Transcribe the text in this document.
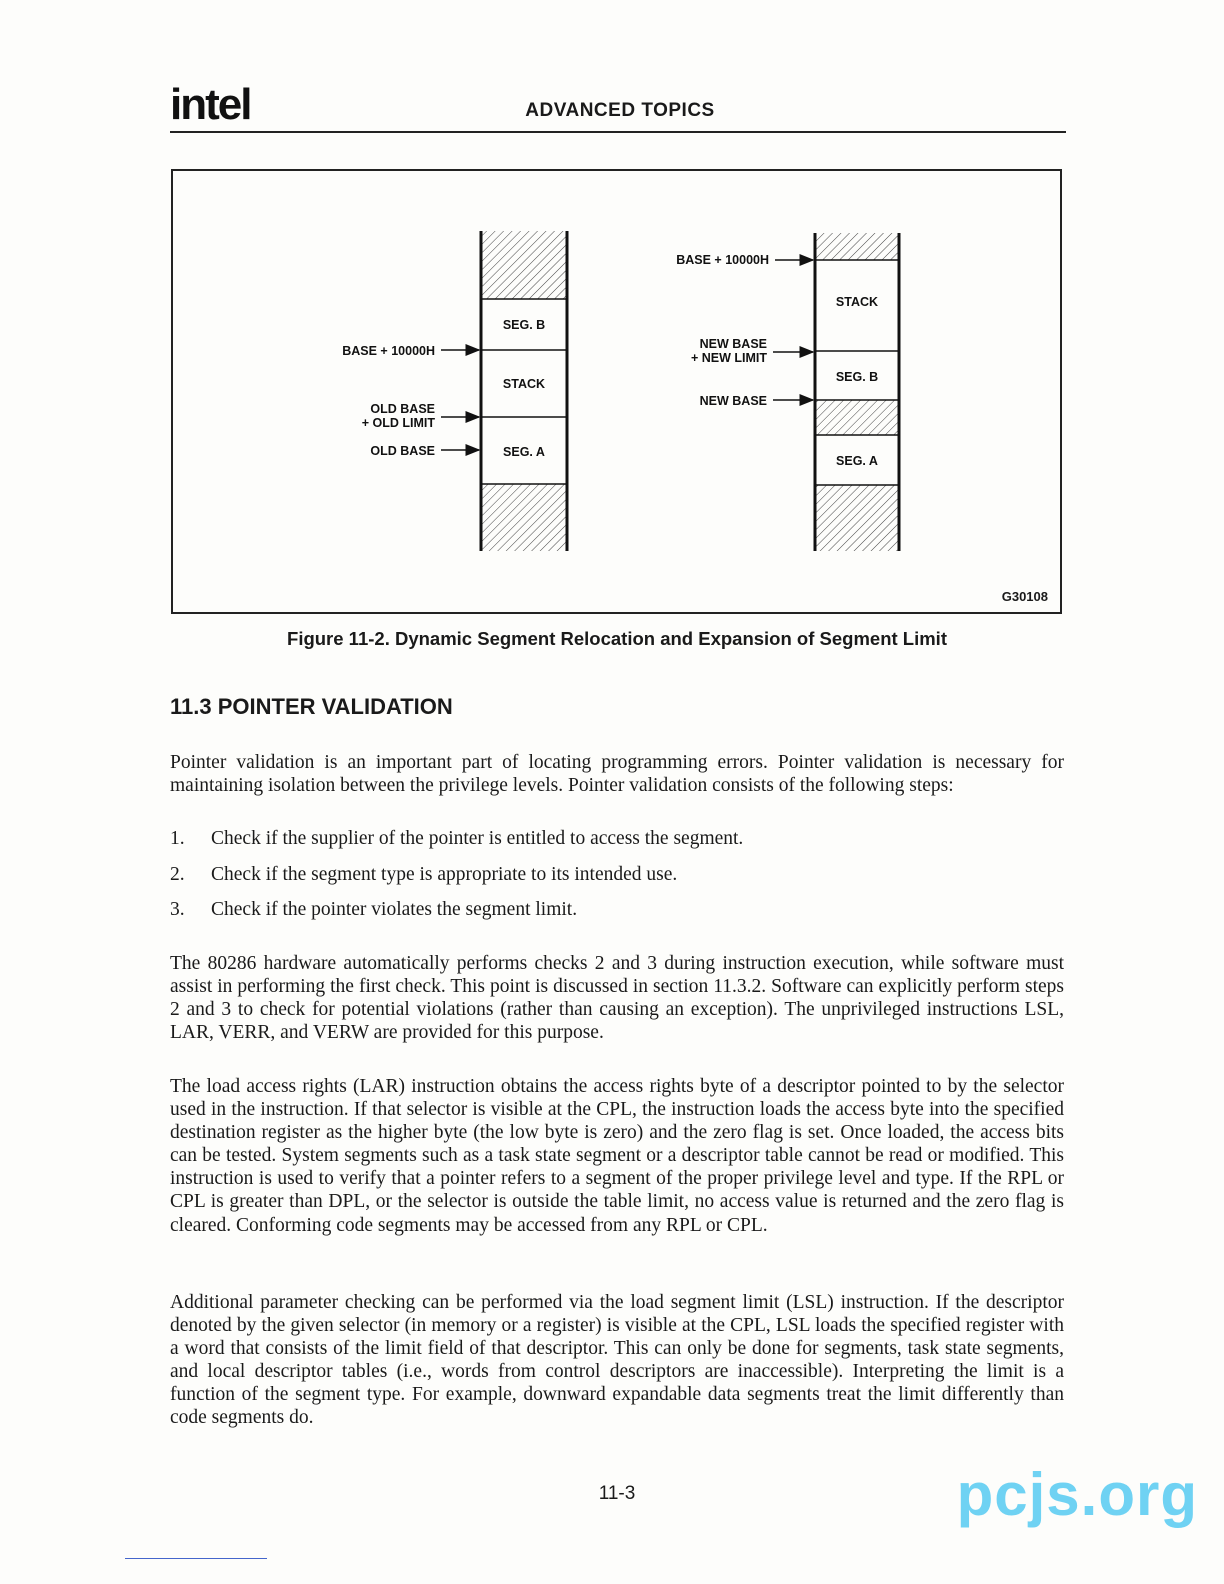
intel	ADVANCED TOPICS
SEG. B
STACK
SEG. A
BASE + 10000H
OLD BASE
+ OLD LIMIT
OLD BASE
STACK
SEG. B
SEG. A
BASE + 10000H
NEW BASE
+ NEW LIMIT
NEW BASE
G30108
Figure 11-2. Dynamic Segment Relocation and Expansion of Segment Limit
11.3 POINTER VALIDATION

Pointer validation is an important part of locating programming errors. Pointer validation is necessary for maintaining isolation between the privilege levels. Pointer validation consists of the following steps:

1. Check if the supplier of the pointer is entitled to access the segment.
2. Check if the segment type is appropriate to its intended use.
3. Check if the pointer violates the segment limit.

The 80286 hardware automatically performs checks 2 and 3 during instruction execution, while software must assist in performing the first check. This point is discussed in section 11.3.2. Software can explicitly perform steps 2 and 3 to check for potential violations (rather than causing an exception). The unprivileged instructions LSL, LAR, VERR, and VERW are provided for this purpose.

The load access rights (LAR) instruction obtains the access rights byte of a descriptor pointed to by the selector used in the instruction. If that selector is visible at the CPL, the instruction loads the access byte into the specified destination register as the higher byte (the low byte is zero) and the zero flag is set. Once loaded, the access bits can be tested. System segments such as a task state segment or a descriptor table cannot be read or modified. This instruction is used to verify that a pointer refers to a segment of the proper privilege level and type. If the RPL or CPL is greater than DPL, or the selector is outside the table limit, no access value is returned and the zero flag is cleared. Conforming code segments may be accessed from any RPL or CPL.

Additional parameter checking can be performed via the load segment limit (LSL) instruction. If the descriptor denoted by the given selector (in memory or a register) is visible at the CPL, LSL loads the specified register with a word that consists of the limit field of that descriptor. This can only be done for segments, task state segments, and local descriptor tables (i.e., words from control descriptors are inaccessible). Interpreting the limit is a function of the segment type. For example, downward expandable data segments treat the limit differently than code segments do.

11-3	pcjs.org
